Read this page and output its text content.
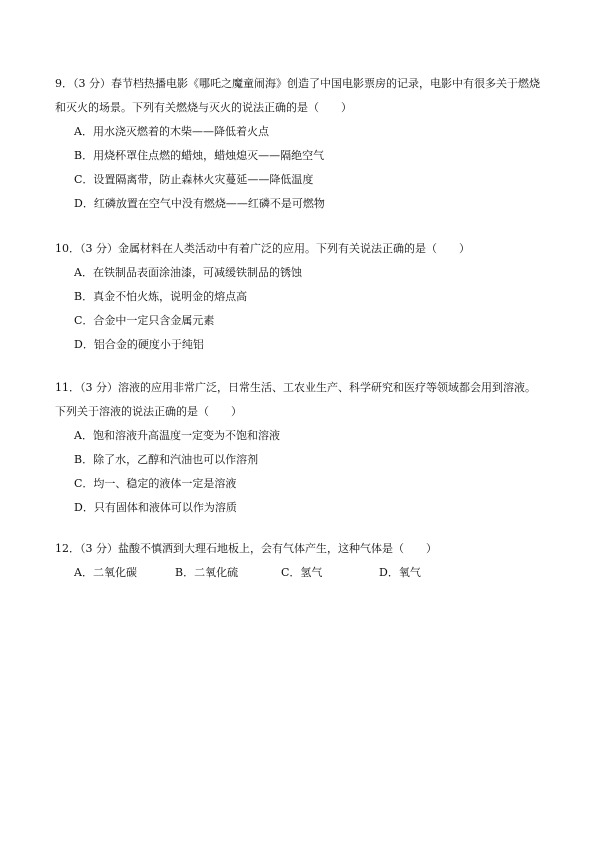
9．（3 分）春节档热播电影《哪吒之魔童闹海》创造了中国电影票房的记录，电影中有很多关于燃烧和灭火的场景。下列有关燃烧与灭火的说法正确的是（　　）
A．用水浇灭燃着的木柴——降低着火点
B．用烧杯罩住点燃的蜡烛，蜡烛熄灭——隔绝空气
C．设置隔离带，防止森林火灾蔓延——降低温度
D．红磷放置在空气中没有燃烧——红磷不是可燃物
10．（3 分）金属材料在人类活动中有着广泛的应用。下列有关说法正确的是（　　）
A．在铁制品表面涂油漆，可减缓铁制品的锈蚀
B．真金不怕火炼，说明金的熔点高
C．合金中一定只含金属元素
D．铝合金的硬度小于纯铝
11．（3 分）溶液的应用非常广泛，日常生活、工农业生产、科学研究和医疗等领域都会用到溶液。下列关于溶液的说法正确的是（　　）
A．饱和溶液升高温度一定变为不饱和溶液
B．除了水，乙醇和汽油也可以作溶剂
C．均一、稳定的液体一定是溶液
D．只有固体和液体可以作为溶质
12．（3 分）盐酸不慎洒到大理石地板上，会有气体产生，这种气体是（　　）
A．二氧化碳	B．二氧化硫	C．氢气	D．氧气
